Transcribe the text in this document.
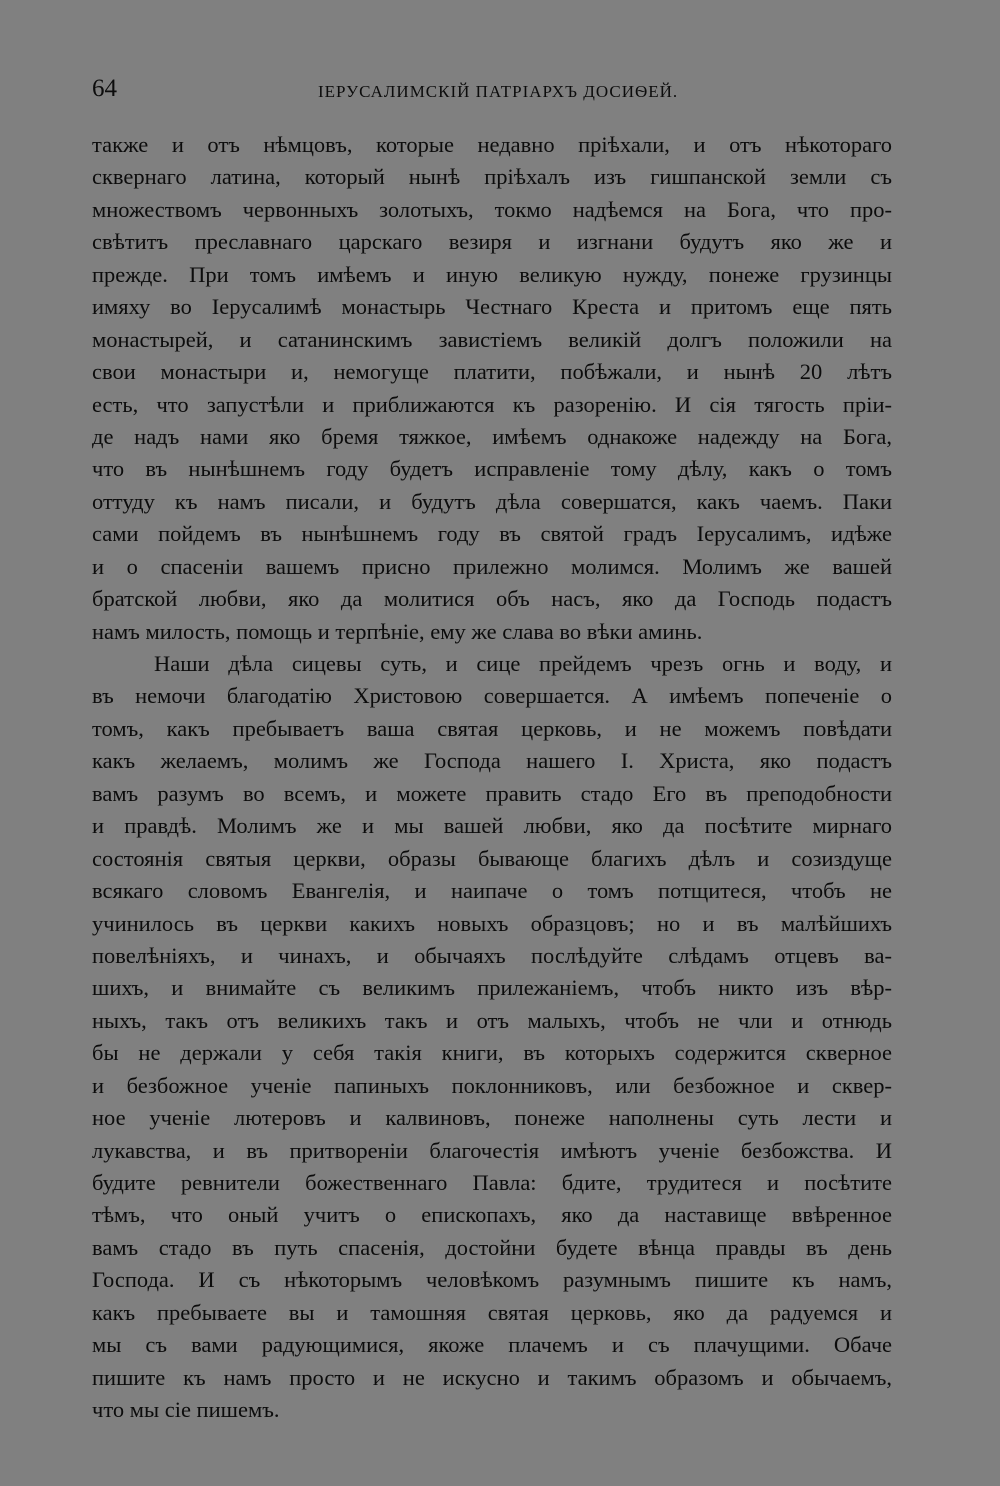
64	ІЕРУСАЛИМСКІЙ ПАТРІАРХЪ ДОСИѲЕЙ.
также и отъ нѣмцовъ, которые недавно пріѣхали, и отъ нѣкотораго
сквернаго латина, который нынѣ пріѣхалъ изъ гишпанской земли съ
множествомъ червонныхъ золотыхъ, токмо надѣемся на Бога, что про-
свѣтитъ преславнаго царскаго везиря и изгнани будутъ яко же и
прежде. При томъ имѣемъ и иную великую нужду, понеже грузинцы
имяху во Іерусалимѣ монастырь Честнаго Креста и притомъ еще пять
монастырей, и сатанинскимъ завистіемъ великій долгъ положили на
свои монастыри и, немогуще платити, побѣжали, и нынѣ 20 лѣтъ
есть, что запустѣли и приближаются къ разоренію. И сія тягость пріи-
де надъ нами яко бремя тяжкое, имѣемъ однакоже надежду на Бога,
что въ нынѣшнемъ году будетъ исправленіе тому дѣлу, какъ о томъ
оттуду къ намъ писали, и будутъ дѣла совершатся, какъ чаемъ. Паки
сами пойдемъ въ нынѣшнемъ году въ святой градъ Іерусалимъ, идѣже
и о спасеніи вашемъ присно прилежно молимся. Молимъ же вашей
братской любви, яко да молитися объ насъ, яко да Господь подастъ
намъ милость, помощь и терпѣніе, ему же слава во вѣки аминь.
Наши дѣла сицевы суть, и сице прейдемъ чрезъ огнь и воду, и
въ немочи благодатію Христовою совершается. А имѣемъ попеченіе о
томъ, какъ пребываетъ ваша святая церковь, и не можемъ повѣдати
какъ желаемъ, молимъ же Господа нашего І. Христа, яко подастъ
вамъ разумъ во всемъ, и можете править стадо Его въ преподобности
и правдѣ. Молимъ же и мы вашей любви, яко да посѣтите мирнаго
состоянія святыя церкви, образы бывающе благихъ дѣлъ и созиздуще
всякаго словомъ Евангелія, и наипаче о томъ потщитеся, чтобъ не
учинилось въ церкви какихъ новыхъ образцовъ; но и въ малѣйшихъ
повелѣніяхъ, и чинахъ, и обычаяхъ послѣдуйте слѣдамъ отцевъ ва-
шихъ, и внимайте съ великимъ прилежаніемъ, чтобъ никто изъ вѣр-
ныхъ, такъ отъ великихъ такъ и отъ малыхъ, чтобъ не чли и отнюдь
бы не держали у себя такія книги, въ которыхъ содержится скверное
и безбожное ученіе папиныхъ поклонниковъ, или безбожное и сквер-
ное ученіе лютеровъ и калвиновъ, понеже наполнены суть лести и
лукавства, и въ притвореніи благочестія имѣютъ ученіе безбожства. И
будите ревнители божественнаго Павла: бдите, трудитеся и посѣтите
тѣмъ, что оный учитъ о епископахъ, яко да наставище ввѣренное
вамъ стадо въ путь спасенія, достойни будете вѣнца правды въ день
Господа. И съ нѣкоторымъ человѣкомъ разумнымъ пишите къ намъ,
какъ пребываете вы и тамошняя святая церковь, яко да радуемся и
мы съ вами радующимися, якоже плачемъ и съ плачущими. Обаче
пишите къ намъ просто и не искусно и такимъ образомъ и обычаемъ,
что мы сіе пишемъ.
